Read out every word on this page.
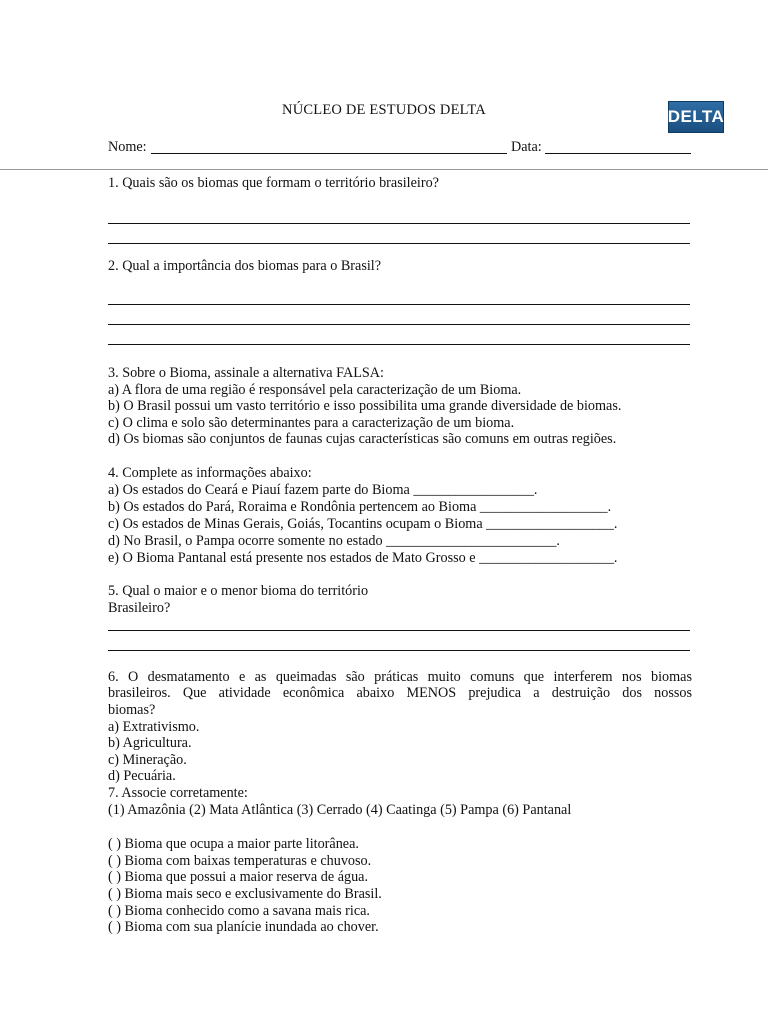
NÚCLEO DE ESTUDOS DELTA	DELTA
Nome:	Data:
1. Quais são os biomas que formam o território brasileiro?
2. Qual a importância dos biomas para o Brasil?
3. Sobre o Bioma, assinale a alternativa FALSA:
a) A flora de uma região é responsável pela caracterização de um Bioma.
b) O Brasil possui um vasto território e isso possibilita uma grande diversidade de biomas.
c) O clima e solo são determinantes para a caracterização de um bioma.
d) Os biomas são conjuntos de faunas cujas características são comuns em outras regiões.
4. Complete as informações abaixo:
a) Os estados do Ceará e Piauí fazem parte do Bioma _________________.
b) Os estados do Pará, Roraima e Rondônia pertencem ao Bioma __________________.
c) Os estados de Minas Gerais, Goiás, Tocantins ocupam o Bioma __________________.
d) No Brasil, o Pampa ocorre somente no estado ________________________.
e) O Bioma Pantanal está presente nos estados de Mato Grosso e ___________________.
5. Qual o maior e o menor bioma do território
Brasileiro?
6. O desmatamento e as queimadas são práticas muito comuns que interferem nos biomas
brasileiros. Que atividade econômica abaixo MENOS prejudica a destruição dos nossos
biomas?
a) Extrativismo.
b) Agricultura.
c) Mineração.
d) Pecuária.
7. Associe corretamente:
(1) Amazônia (2) Mata Atlântica (3) Cerrado (4) Caatinga (5) Pampa (6) Pantanal
( ) Bioma que ocupa a maior parte litorânea.
( ) Bioma com baixas temperaturas e chuvoso.
( ) Bioma que possui a maior reserva de água.
( ) Bioma mais seco e exclusivamente do Brasil.
( ) Bioma conhecido como a savana mais rica.
( ) Bioma com sua planície inundada ao chover.
